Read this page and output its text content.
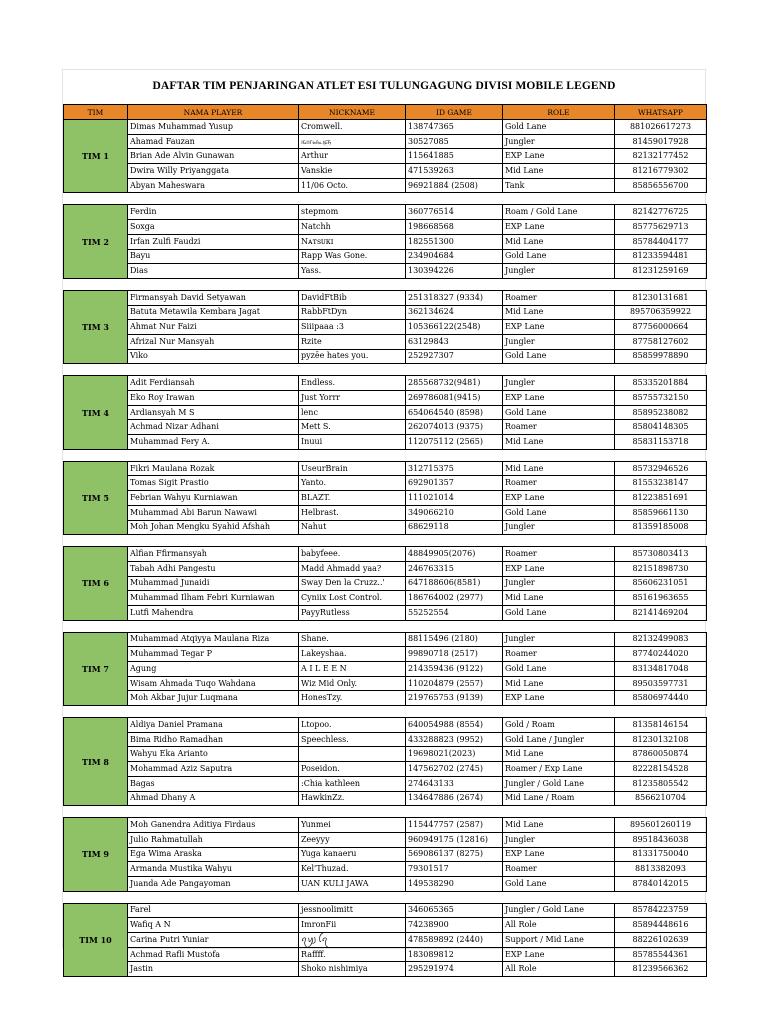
DAFTAR TIM PENJARINGAN ATLET ESI TULUNGAGUNG DIVISI MOBILE LEGEND
TIM	NAMA PLAYER	NICKNAME	ID GAME	ROLE	WHATSAPP
TIM 1	Dimas Muhammad Yusup	Cromwell.	138747365	Gold Lane	881026617273
	Ahamad Fauzan	ஙா௷ஞ	30527085	Jungler	81459017928
	Brian Ade Alvin Gunawan	Arthur	115641885	EXP Lane	82132177452
	Dwira Willy Priyanggata	Vanskie	471539263	Mid Lane	81216779302
	Abyan Maheswara	11/06 Octo.	96921884 (2508)	Tank	85856556700

TIM 2	Ferdin	stepmom	360776514	Roam / Gold Lane	82142776725
	Soxga	Natchh	198668568	EXP Lane	85775629713
	Irfan Zulfi Faudzi	Nᴀᴛsᴜᴋɪ	182551300	Mid Lane	85784404177
	Bayu	Rapp Was Gone.	234904684	Gold Lane	81233594481
	Dias	Yass.	130394226	Jungler	81231259169

TIM 3	Firmansyah David Setyawan	DavidFtBib	251318327 (9334)	Roamer	81230131681
	Batuta Metawila Kembara Jagat	RabbFtDyn	362134624	Mid Lane	895706359922
	Ahmat Nur Faizi	Siiipaaa :3	105366122(2548)	EXP Lane	87756000664
	Afrizal Nur Mansyah	Rzite	63129843	Jungler	87758127602
	Viko	pyzēe hates you.	252927307	Gold Lane	85859978890

TIM 4	Adit Ferdiansah	Endless.	285568732(9481)	Jungler	85335201884
	Eko Roy Irawan	Just Yorrr	269786081(9415)	EXP Lane	85755732150
	Ardiansyah M S	lenc	654064540 (8598)	Gold Lane	85895238082
	Achmad Nizar Adhani	Mett S.	262074013 (9375)	Roamer	85804148305
	Muhammad Fery A.	Inuui	112075112 (2565)	Mid Lane	85831153718

TIM 5	Fikri Maulana Rozak	UseurBrain	312715375	Mid Lane	85732946526
	Tomas Sigit Prastio	Yanto.	692901357	Roamer	81553238147
	Febrian Wahyu Kurniawan	BLAZT.	111021014	EXP Lane	81223851691
	Muhammad Abi Barun Nawawi	Helbrast.	349066210	Gold Lane	85859661130
	Moh Johan Mengku Syahid Afshah	Nahut	68629118	Jungler	81359185008

TIM 6	Alfian Ffirmansyah	babyfeee.	48849905(2076)	Roamer	85730803413
	Tabah Adhi Pangestu	Madd Ahmadd yaa?	246763315	EXP Lane	82151898730
	Muhammad Junaidi	Sway Den la Cruzz..'	647188606(8581)	Jungler	85606231051
	Muhammad Ilham Febri Kurniawan	Cyniix Lost Control.	186764002 (2977)	Mid Lane	85161963655
	Lutfi Mahendra	PayyRutless	55252554	Gold Lane	82141469204

TIM 7	Muhammad Atqiyya Maulana Riza	Shane.	88115496 (2180)	Jungler	82132499083
	Muhammad Tegar P	Lakeyshaa.	99890718 (2517)	Roamer	87740244020
	Agung	A I L E E N	214359436 (9122)	Gold Lane	83134817048
	Wisam Ahmada Tuqo Wahdana	Wiz Mid Only.	110204879 (2557)	Mid Lane	89503597731
	Moh Akbar Jujur Luqmana	HonesTzy.	219765753 (9139)	EXP Lane	85806974440

TIM 8	Aldiya Daniel Pramana	Ltopoo.	640054988 (8554)	Gold / Roam	81358146154
	Bima Ridho Ramadhan	Speechless.	433288823 (9952)	Gold Lane / Jungler	81230132108
	Wahyu Eka Arianto		19698021(2023)	Mid Lane	87860050874
	Mohammad Aziz Saputra	Poseidon.	147562702 (2745)	Roamer / Exp Lane	82228154528
	Bagas	:Chia kathleen	274643133	Jungler / Gold Lane	81235805542
	Ahmad Dhany A	HawkinZz.	134647886 (2674)	Mid Lane / Roam	8566210704

TIM 9	Moh Ganendra Aditiya Firdaus	Yunmei	115447757 (2587)	Mid Lane	895601260119
	Julio Rahmatullah	Zeeyyy	960949175 (12816)	Jungler	89518436038
	Ega Wima Araska	Yuga kanaeru	569086137 (8275)	EXP Lane	81331750040
	Armanda Mustika Wahyu	Kel'Thuzad.	79301517	Roamer	8813382093
	Juanda Ade Pangayoman	UAN KULI JAWA	149538290	Gold Lane	87840142015

TIM 10	Farel	jessnoolimitt	346065365	Jungler / Gold Lane	85784223759
	Wafiq A N	ImronFii	74238900	All Role	85894448616
	Carina Putri Yuniar	ꪖꪗ꠸ ꪶꪖ	478589892 (2440)	Support / Mid Lane	88226102639
	Achmad Rafli Mustofa	Raffff.	183089812	EXP Lane	85785544361
	Jastin	Shoko nishimiya	295291974	All Role	81239566362
